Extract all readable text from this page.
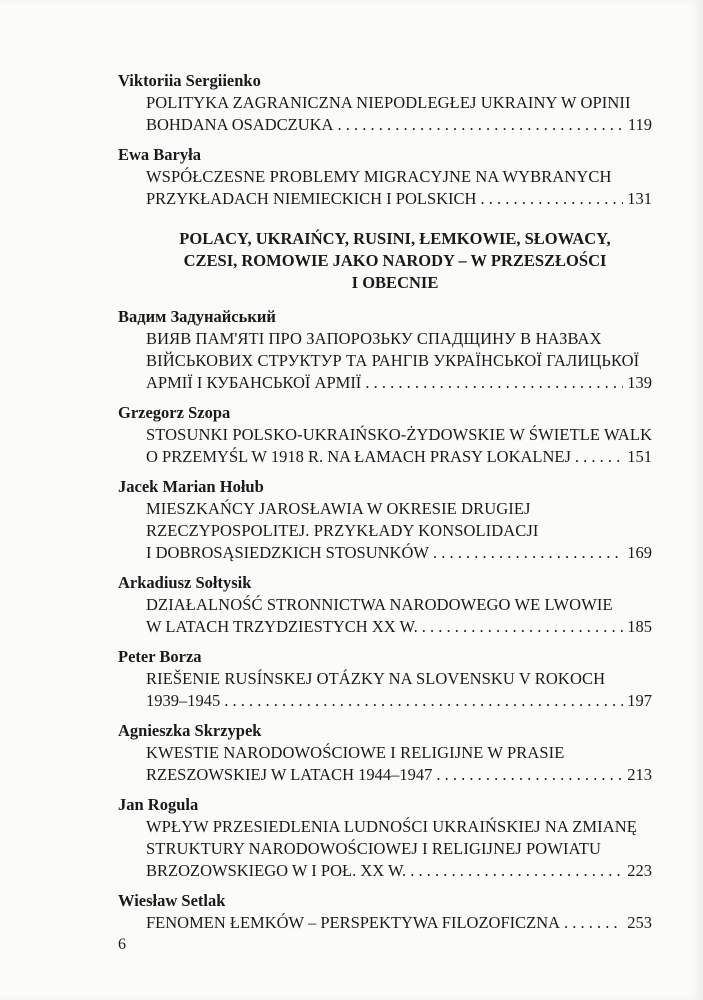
Viktoriia Sergiienko
POLITYKA ZAGRANICZNA NIEPODLEGŁEJ UKRAINY W OPINII
BOHDANA OSADCZUKA . . .	119
Ewa Baryła
WSPÓŁCZESNE PROBLEMY MIGRACYJNE NA WYBRANYCH
PRZYKŁADACH NIEMIECKICH I POLSKICH . . .	131
POLACY, UKRAIŃCY, RUSINI, ŁEMKOWIE, SŁOWACY,
CZESI, ROMOWIE JAKO NARODY – W PRZESZŁOŚCI
I OBECNIE
Вадим Задунайський
ВИЯВ ПАМ'ЯТІ ПРО ЗАПОРОЗЬКУ СПАДЩИНУ В НАЗВАХ
ВІЙСЬКОВИХ СТРУКТУР ТА РАНГІВ УКРАЇНСЬКОЇ ГАЛИЦЬКОЇ
АРМІЇ І КУБАНСЬКОЇ АРМІЇ . . .	139
Grzegorz Szopa
STOSUNKI POLSKO-UKRAIŃSKO-ŻYDOWSKIE W ŚWIETLE WALK
O PRZEMYŚL W 1918 R. NA ŁAMACH PRASY LOKALNEJ . . .	151
Jacek Marian Hołub
MIESZKAŃCY JAROSŁAWIA W OKRESIE DRUGIEJ
RZECZYPOSPOLITEJ. PRZYKŁADY KONSOLIDACJI
I DOBROSĄSIEDZKICH STOSUNKÓW . . .	169
Arkadiusz Sołtysik
DZIAŁALNOŚĆ STRONNICTWA NARODOWEGO WE LWOWIE
W LATACH TRZYDZIESTYCH XX W. . . .	185
Peter Borza
RIEŠENIE RUSÍNSKEJ OTÁZKY NA SLOVENSKU V ROKOCH
1939–1945 . . .	197
Agnieszka Skrzypek
KWESTIE NARODOWOŚCIOWE I RELIGIJNE W PRASIE
RZESZOWSKIEJ W LATACH 1944–1947 . . .	213
Jan Rogula
WPŁYW PRZESIEDLENIA LUDNOŚCI UKRAIŃSKIEJ NA ZMIANĘ
STRUKTURY NARODOWOŚCIOWEJ I RELIGIJNEJ POWIATU
BRZOZOWSKIEGO W I POŁ. XX W. . . .	223
Wiesław Setlak
FENOMEN ŁEMKÓW – PERSPEKTYWA FILOZOFICZNA . . .	253
6
